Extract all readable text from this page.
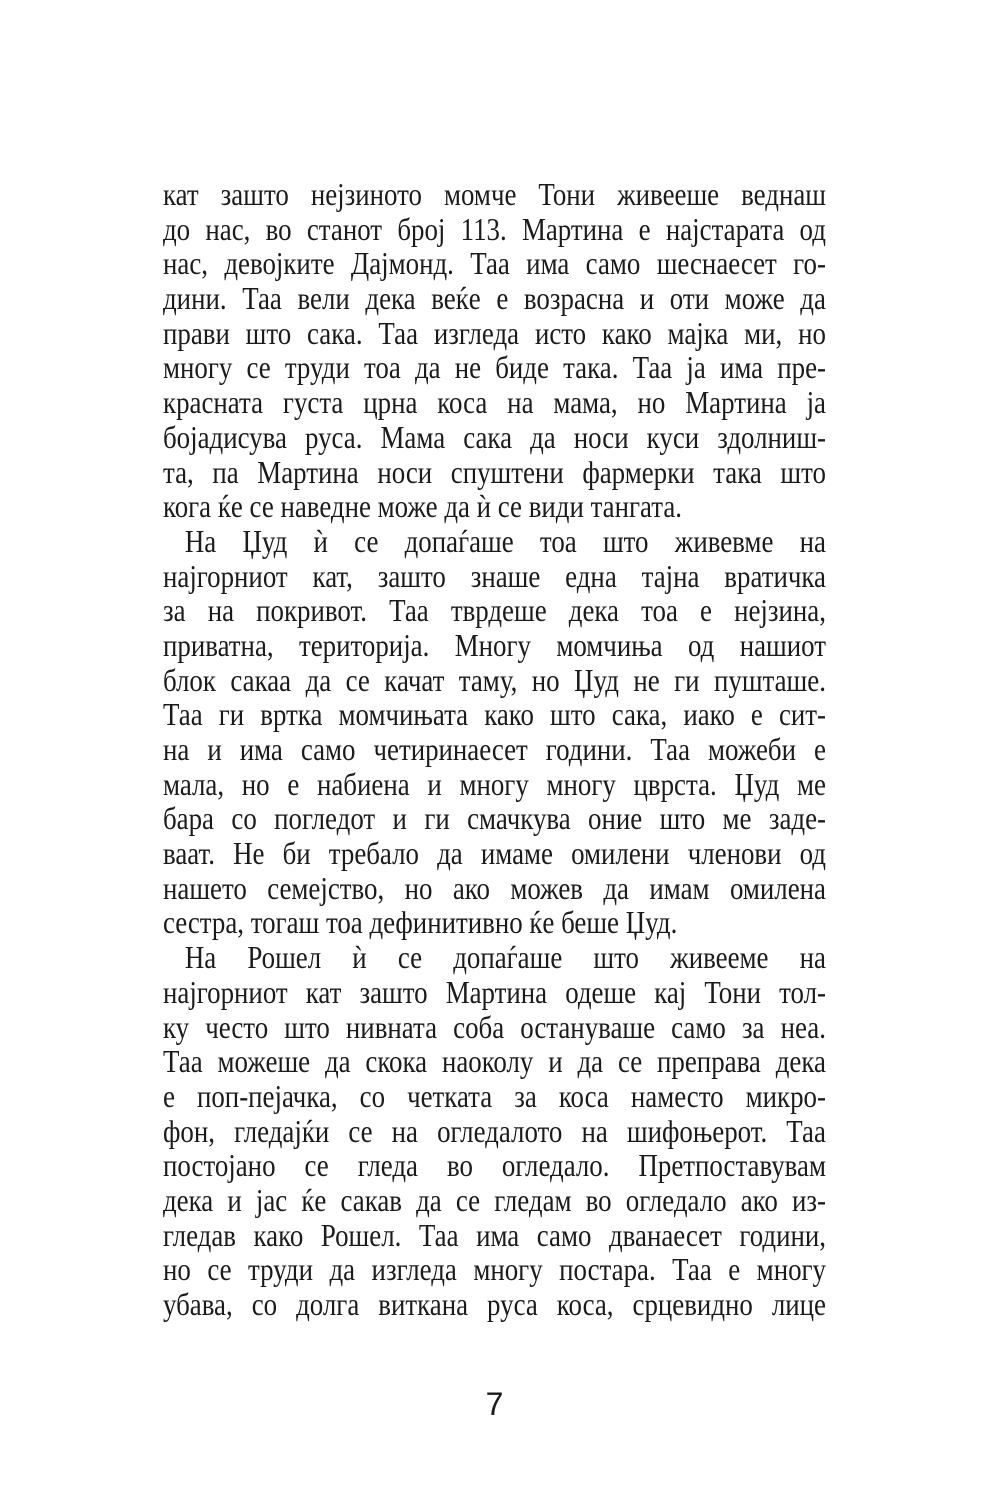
кат зашто нејзиното момче Тони живееше веднаш
до нас, во станот број 113. Мартина е најстарата од
нас, девојките Дајмонд. Таа има само шеснаесет го-
дини. Таа вели дека веќе е возрасна и оти може да
прави што сака. Таа изгледа исто како мајка ми, но
многу се труди тоа да не биде така. Таа ја има пре-
красната густа црна коса на мама, но Мартина ја
бојадисува руса. Мама сака да носи куси здолниш-
та, па Мартина носи спуштени фармерки така што
кога ќе се наведне може да ѝ се види тангата.
На Џуд ѝ се допаѓаше тоа што живевме на
најгорниот кат, зашто знаше една тајна вратичка
за на покривот. Таа тврдеше дека тоа е нејзина,
приватна, територија. Многу момчиња од нашиот
блок сакаа да се качат таму, но Џуд не ги пушташе.
Таа ги вртка момчињата како што сака, иако е сит-
на и има само четиринаесет години. Таа можеби е
мала, но е набиена и многу многу цврста. Џуд ме
бара со погледот и ги смачкува оние што ме заде-
ваат. Не би требало да имаме омилени членови од
нашето семејство, но ако можев да имам омилена
сестра, тогаш тоа дефинитивно ќе беше Џуд.
На Рошел ѝ се допаѓаше што живееме на
најгорниот кат зашто Мартина одеше кај Тони тол-
ку често што нивната соба остануваше само за неа.
Таа можеше да скока наоколу и да се преправа дека
е поп-пејачка, со четката за коса наместо микро-
фон, гледајќи се на огледалото на шифоњерот. Таа
постојано се гледа во огледало. Претпоставувам
дека и јас ќе сакав да се гледам во огледало ако из-
гледав како Рошел. Таа има само дванаесет години,
но се труди да изгледа многу постара. Таа е многу
убава, со долга виткана руса коса, срцевидно лице
7
